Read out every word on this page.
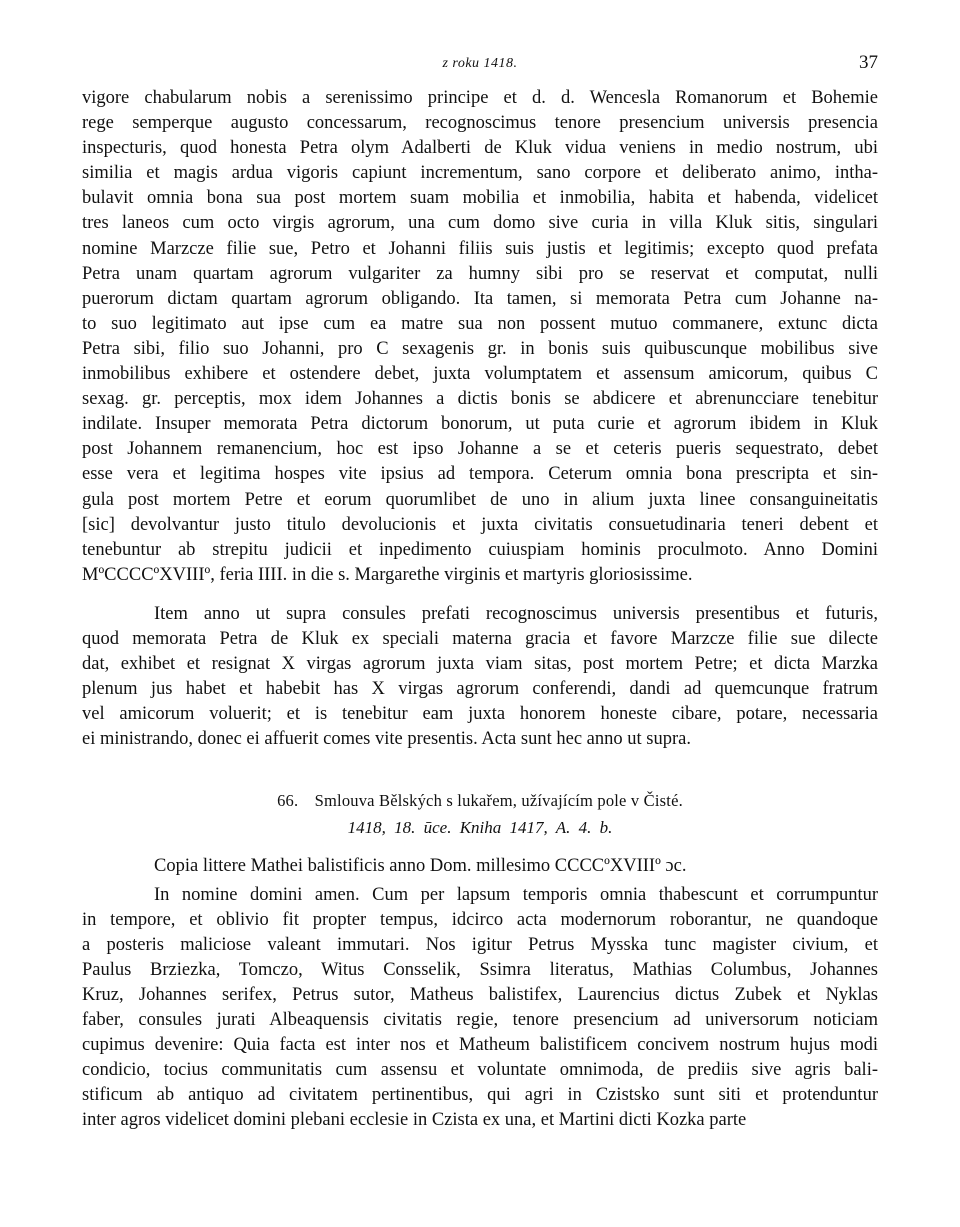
z roku 1418.	37
vigore chabularum nobis a serenissimo principe et d. d. Wencesla Romanorum et Bohemie
rege semperque augusto concessarum, recognoscimus tenore presencium universis presencia
inspecturis, quod honesta Petra olym Adalberti de Kluk vidua veniens in medio nostrum, ubi
similia et magis ardua vigoris capiunt incrementum, sano corpore et deliberato animo, intha-
bulavit omnia bona sua post mortem suam mobilia et inmobilia, habita et habenda, videlicet
tres laneos cum octo virgis agrorum, una cum domo sive curia in villa Kluk sitis, singulari
nomine Marzcze filie sue, Petro et Johanni filiis suis justis et legitimis; excepto quod prefata
Petra unam quartam agrorum vulgariter za humny sibi pro se reservat et computat, nulli
puerorum dictam quartam agrorum obligando. Ita tamen, si memorata Petra cum Johanne na-
to suo legitimato aut ipse cum ea matre sua non possent mutuo commanere, extunc dicta
Petra sibi, filio suo Johanni, pro C sexagenis gr. in bonis suis quibuscunque mobilibus sive
inmobilibus exhibere et ostendere debet, juxta volumptatem et assensum amicorum, quibus C
sexag. gr. perceptis, mox idem Johannes a dictis bonis se abdicere et abrenuncciare tenebitur
indilate. Insuper memorata Petra dictorum bonorum, ut puta curie et agrorum ibidem in Kluk
post Johannem remanencium, hoc est ipso Johanne a se et ceteris pueris sequestrato, debet
esse vera et legitima hospes vite ipsius ad tempora. Ceterum omnia bona prescripta et sin-
gula post mortem Petre et eorum quorumlibet de uno in alium juxta linee consanguineitatis
[sic] devolvantur justo titulo devolucionis et juxta civitatis consuetudinaria teneri debent et
tenebuntur ab strepitu judicii et inpedimento cuiuspiam hominis proculmoto. Anno Domini
MºCCCCºXVIIIº, feria IIII. in die s. Margarethe virginis et martyris gloriosissime.
Item anno ut supra consules prefati recognoscimus universis presentibus et futuris,
quod memorata Petra de Kluk ex speciali materna gracia et favore Marzcze filie sue dilecte
dat, exhibet et resignat X virgas agrorum juxta viam sitas, post mortem Petre; et dicta Marzka
plenum jus habet et habebit has X virgas agrorum conferendi, dandi ad quemcunque fratrum
vel amicorum voluerit; et is tenebitur eam juxta honorem honeste cibare, potare, necessaria
ei ministrando, donec ei affuerit comes vite presentis. Acta sunt hec anno ut supra.
66. Smlouva Bělských s lukařem, užívajícím pole v Čisté.
1418, 18. ūce. Kniha 1417, A. 4. b.
Copia littere Mathei balistificis anno Dom. millesimo CCCCºXVIIIº ɔc.
In nomine domini amen. Cum per lapsum temporis omnia thabescunt et corrumpuntur
in tempore, et oblivio fit propter tempus, idcirco acta modernorum roborantur, ne quandoque
a posteris maliciose valeant immutari. Nos igitur Petrus Mysska tunc magister civium, et
Paulus Brziezka, Tomczo, Witus Consselik, Ssimra literatus, Mathias Columbus, Johannes
Kruz, Johannes serifex, Petrus sutor, Matheus balistifex, Laurencius dictus Zubek et Nyklas
faber, consules jurati Albeaquensis civitatis regie, tenore presencium ad universorum noticiam
cupimus devenire: Quia facta est inter nos et Matheum balistificem concivem nostrum hujus modi
condicio, tocius communitatis cum assensu et voluntate omnimoda, de prediis sive agris bali-
stificum ab antiquo ad civitatem pertinentibus, qui agri in Czistsko sunt siti et protenduntur
inter agros videlicet domini plebani ecclesie in Czista ex una, et Martini dicti Kozka parte
